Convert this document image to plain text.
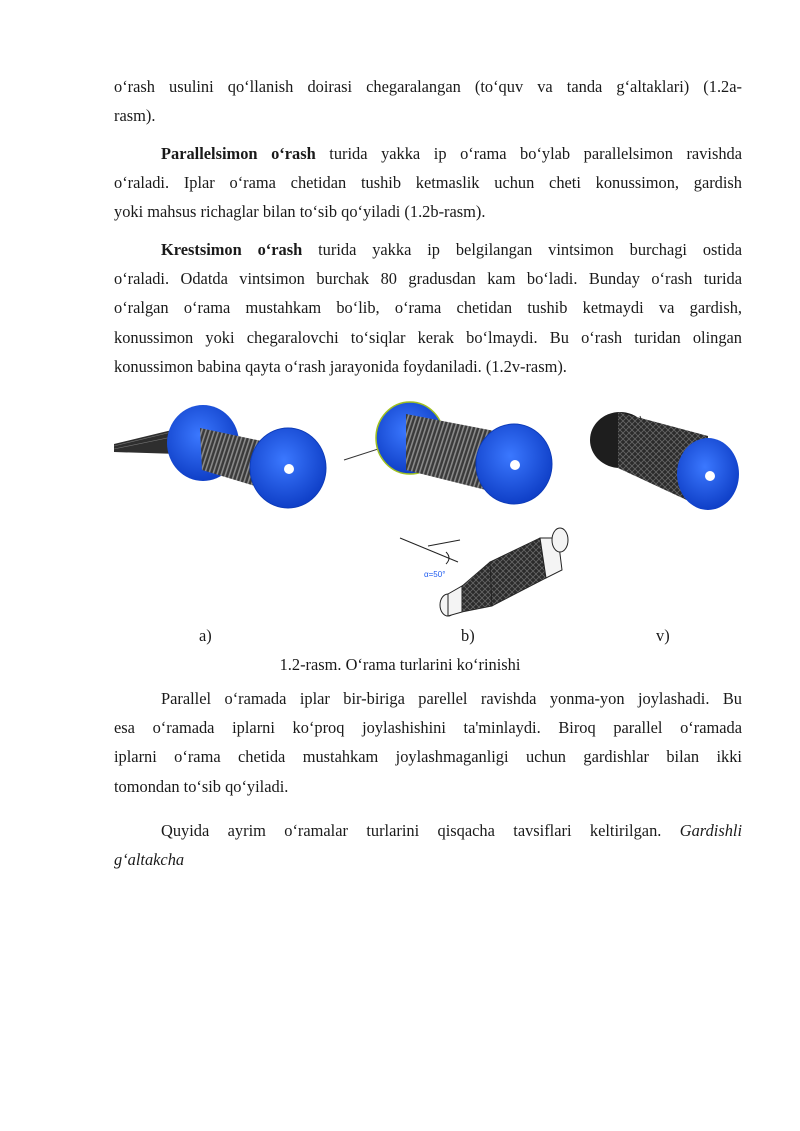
o‘rash usulini qo‘llanish doirasi chegaralangan (to‘quv va tanda g‘altaklari) (1.2a-
rasm).

Parallelsimon o‘rash turida yakka ip o‘rama bo‘ylab parallelsimon ravishda
o‘raladi. Iplar o‘rama chetidan tushib ketmaslik uchun cheti konussimon, gardish
yoki mahsus richaglar bilan to‘sib qo‘yiladi (1.2b-rasm).

Krestsimon o‘rash turida yakka ip belgilangan vintsimon burchagi ostida
o‘raladi. Odatda vintsimon burchak 80 gradusdan kam bo‘ladi. Bunday o‘rash turida
o‘ralgan o‘rama mustahkam bo‘lib, o‘rama chetidan tushib ketmaydi va gardish,
konussimon yoki chegaralovchi to‘siqlar kerak bo‘lmaydi. Bu o‘rash turidan olingan
konussimon babina qayta o‘rash jarayonida foydaniladi. (1.2v-rasm).

α=50°
a)	b)	v)
1.2-rasm. O‘rama turlarini ko‘rinishi

Parallel o‘ramada iplar bir-biriga parellel ravishda yonma-yon joylashadi. Bu
esa o‘ramada iplarni ko‘proq joylashishini ta'minlaydi. Biroq parallel o‘ramada
iplarni o‘rama chetida mustahkam joylashmaganligi uchun gardishlar bilan ikki
tomondan to‘sib qo‘yiladi.

Quyida ayrim o‘ramalar turlarini qisqacha tavsiflari keltirilgan. Gardishli
g‘altakcha
